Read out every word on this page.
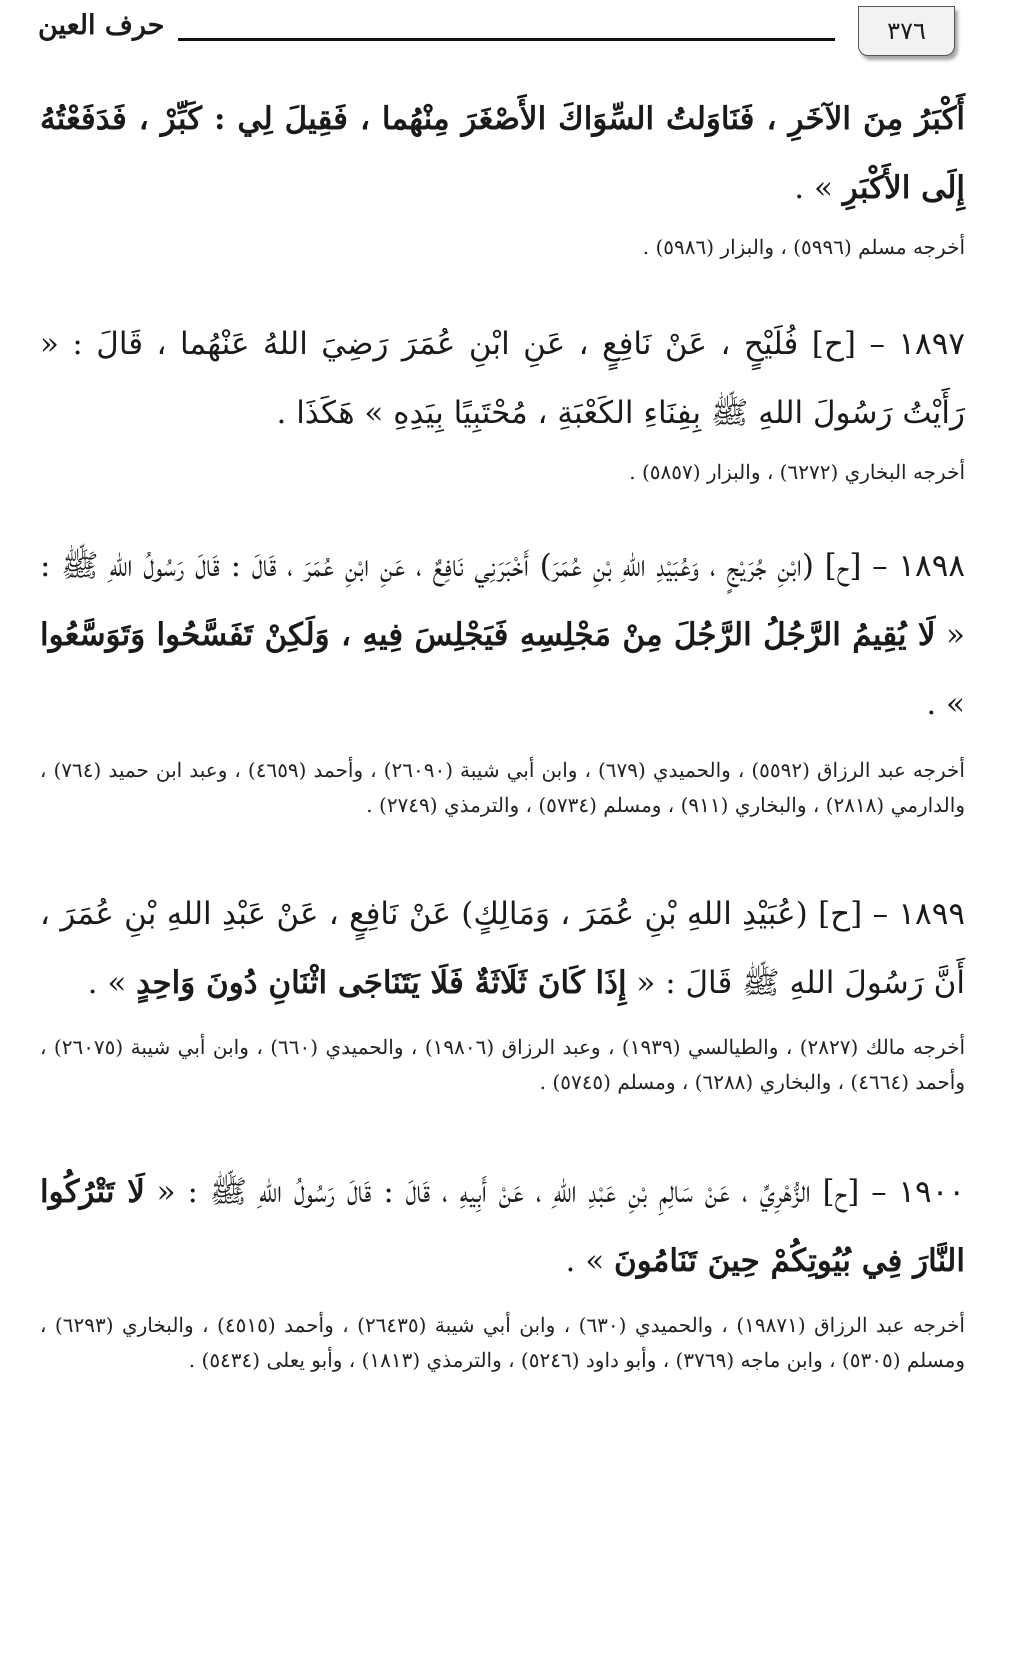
٣٧٦
حرف العين
أَكْبَرُ مِنَ الآخَرِ ، فَنَاوَلتُ السِّوَاكَ الأَصْغَرَ مِنْهُما ، فَقِيلَ لِي : كَبِّرْ ، فَدَفَعْتُهُ إِلَى الأَكْبَرِ » .
أخرجه مسلم (٥٩٩٦) ، والبزار (٥٩٨٦) .
١٨٩٧ – [ح] فُلَيْحٍ ، عَنْ نَافِعٍ ، عَنِ ابْنِ عُمَرَ رَضِيَ اللهُ عَنْهُما ، قَالَ : « رَأَيْتُ رَسُولَ اللهِ ﷺ بِفِنَاءِ الكَعْبَةِ ، مُحْتَبِيًا بِيَدِهِ » هَكَذَا .
أخرجه البخاري (٦٢٧٢) ، والبزار (٥٨٥٧) .
١٨٩٨ – [ح] (ابْنِ جُرَيْجٍ ، وَعُبَيْدِ اللهِ بْنِ عُمَرَ) أَخْبَرَنِي نَافِعٌ ، عَنِ ابْنِ عُمَرَ ، قَالَ : قَالَ رَسُولُ اللهِ ﷺ : « لَا يُقِيمُ الرَّجُلُ الرَّجُلَ مِنْ مَجْلِسِهِ فَيَجْلِسَ فِيهِ ، وَلَكِنْ تَفَسَّحُوا وَتَوَسَّعُوا » .
أخرجه عبد الرزاق (٥٥٩٢) ، والحميدي (٦٧٩) ، وابن أبي شيبة (٢٦٠٩٠) ، وأحمد (٤٦٥٩) ، وعبد ابن حميد (٧٦٤) ، والدارمي (٢٨١٨) ، والبخاري (٩١١) ، ومسلم (٥٧٣٤) ، والترمذي (٢٧٤٩) .
١٨٩٩ – [ح] (عُبَيْدِ اللهِ بْنِ عُمَرَ ، وَمَالِكٍ) عَنْ نَافِعٍ ، عَنْ عَبْدِ اللهِ بْنِ عُمَرَ ، أَنَّ رَسُولَ اللهِ ﷺ قَالَ : « إِذَا كَانَ ثَلَاثَةٌ فَلَا يَتَنَاجَى اثْنَانِ دُونَ وَاحِدٍ » .
أخرجه مالك (٢٨٢٧) ، والطيالسي (١٩٣٩) ، وعبد الرزاق (١٩٨٠٦) ، والحميدي (٦٦٠) ، وابن أبي شيبة (٢٦٠٧٥) ، وأحمد (٤٦٦٤) ، والبخاري (٦٢٨٨) ، ومسلم (٥٧٤٥) .
١٩٠٠ – [ح] الزُّهْرِيِّ ، عَنْ سَالِمِ بْنِ عَبْدِ اللهِ ، عَنْ أَبِيهِ ، قَالَ : قَالَ رَسُولُ اللهِ ﷺ : « لَا تَتْرُكُوا النَّارَ فِي بُيُوتِكُمْ حِينَ تَنَامُونَ » .
أخرجه عبد الرزاق (١٩٨٧١) ، والحميدي (٦٣٠) ، وابن أبي شيبة (٢٦٤٣٥) ، وأحمد (٤٥١٥) ، والبخاري (٦٢٩٣) ، ومسلم (٥٣٠٥) ، وابن ماجه (٣٧٦٩) ، وأبو داود (٥٢٤٦) ، والترمذي (١٨١٣) ، وأبو يعلى (٥٤٣٤) .
